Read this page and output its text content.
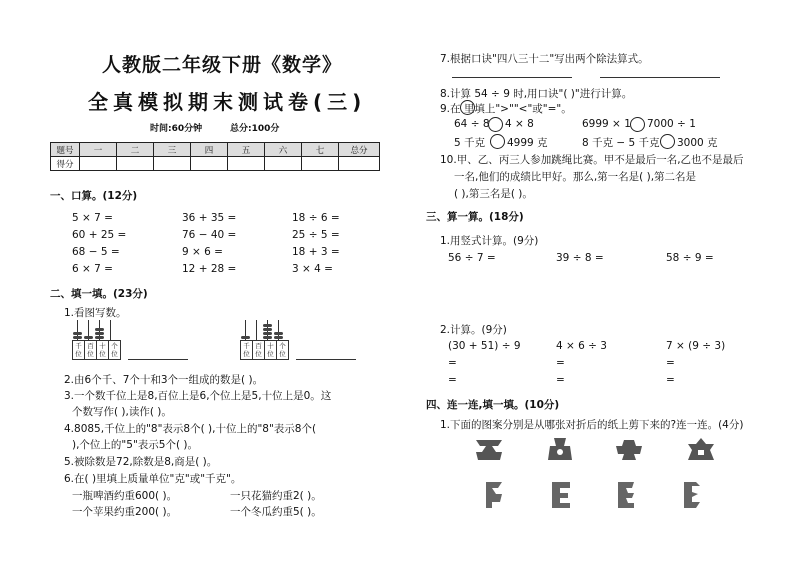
人教版二年级下册《数学》
全真模拟期末测试卷(三)
时间:60分钟	总分:100分
题号	一	二	三	四	五	六	七	总分
得分								
一、口算。(12分)
5 × 7 =	36 + 35 =	18 ÷ 6 =
60 + 25 =	76 − 40 =	25 ÷ 5 =
68 − 5 =	9 × 6 =	18 + 3 =
6 × 7 =	12 + 28 =	3 × 4 =
二、填一填。(23分)
1.看图写数。
千位
百位
十位
个位
千位
百位
十位
个位
2.由6个千、7个十和3个一组成的数是( )。
3.一个数千位上是8,百位上是6,个位上是5,十位上是0。这
个数写作( ),读作( )。
4.8085,千位上的"8"表示8个( ),十位上的"8"表示8个(
),个位上的"5"表示5个( )。
5.被除数是72,除数是8,商是( )。
6.在( )里填上质量单位"克"或"千克"。
一瓶啤酒约重600( )。	一只花猫约重2( )。
一个苹果约重200( )。	一个冬瓜约重5( )。
7.根据口诀"四八三十二"写出两个除法算式。
8.计算 54 ÷ 9 时,用口诀"( )"进行计算。
9.在 里填上">""<"或"="。
64 ÷ 8 4 × 8	6999 × 1 7000 ÷ 1
5 千克 4999 克	8 千克 − 5 千克 3000 克
10.甲、乙、丙三人参加跳绳比赛。甲不是最后一名,乙也不是最后
一名,他们的成绩比甲好。那么,第一名是( ),第二名是
( ),第三名是( )。
三、算一算。(18分)
1.用竖式计算。(9分)
56 ÷ 7 =	39 ÷ 8 =	58 ÷ 9 =
2.计算。(9分)
(30 + 51) ÷ 9	4 × 6 ÷ 3	7 × (9 ÷ 3)
=	=	=
=	=	=
四、连一连,填一填。(10分)
1.下面的图案分别是从哪张对折后的纸上剪下来的?连一连。(4分)
